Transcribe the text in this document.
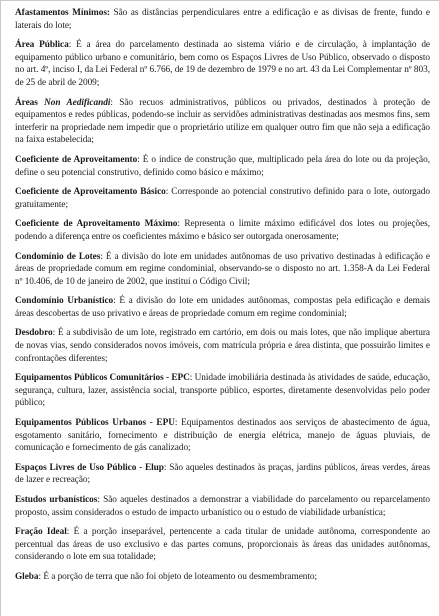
Afastamentos Mínimos: São as distâncias perpendiculares entre a edificação e as divisas de frente, fundo e laterais do lote;

Área Pública: É a área do parcelamento destinada ao sistema viário e de circulação, à implantação de equipamento público urbano e comunitário, bem como os Espaços Livres de Uso Público, observado o disposto no art. 4º, inciso I, da Lei Federal nº 6.766, de 19 de dezembro de 1979 e no art. 43 da Lei Complementar nº 803, de 25 de abril de 2009;

Áreas Non Aedificandi: São recuos administrativos, públicos ou privados, destinados à proteção de equipamentos e redes públicas, podendo-se incluir as servidões administrativas destinadas aos mesmos fins, sem interferir na propriedade nem impedir que o proprietário utilize em qualquer outro fim que não seja a edificação na faixa estabelecida;

Coeficiente de Aproveitamento: É o índice de construção que, multiplicado pela área do lote ou da projeção, define o seu potencial construtivo, definido como básico e máximo;

Coeficiente de Aproveitamento Básico: Corresponde ao potencial construtivo definido para o lote, outorgado gratuitamente;

Coeficiente de Aproveitamento Máximo: Representa o limite máximo edificável dos lotes ou projeções, podendo a diferença entre os coeficientes máximo e básico ser outorgada onerosamente;

Condomínio de Lotes: É a divisão do lote em unidades autônomas de uso privativo destinadas à edificação e áreas de propriedade comum em regime condominial, observando-se o disposto no art. 1.358-A da Lei Federal nº 10.406, de 10 de janeiro de 2002, que instituí o Código Civil;

Condomínio Urbanístico: É a divisão do lote em unidades autônomas, compostas pela edificação e demais áreas descobertas de uso privativo e áreas de propriedade comum em regime condominial;

Desdobro: É a subdivisão de um lote, registrado em cartório, em dois ou mais lotes, que não implique abertura de novas vias, sendo considerados novos imóveis, com matrícula própria e área distinta, que possuirão limites e confrontações diferentes;

Equipamentos Públicos Comunitários - EPC: Unidade imobiliária destinada às atividades de saúde, educação, segurança, cultura, lazer, assistência social, transporte público, esportes, diretamente desenvolvidas pelo poder público;

Equipamentos Públicos Urbanos - EPU: Equipamentos destinados aos serviços de abastecimento de água, esgotamento sanitário, fornecimento e distribuição de energia elétrica, manejo de águas pluviais, de comunicação e fornecimento de gás canalizado;

Espaços Livres de Uso Público - Elup: São aqueles destinados às praças, jardins públicos, áreas verdes, áreas de lazer e recreação;

Estudos urbanísticos: São aqueles destinados a demonstrar a viabilidade do parcelamento ou reparcelamento proposto, assim considerados o estudo de impacto urbanístico ou o estudo de viabilidade urbanística;

Fração Ideal: É a porção inseparável, pertencente a cada titular de unidade autônoma, correspondente ao percentual das áreas de uso exclusivo e das partes comuns, proporcionais às áreas das unidades autônomas, considerando o lote em sua totalidade;

Gleba: É a porção de terra que não foi objeto de loteamento ou desmembramento;
